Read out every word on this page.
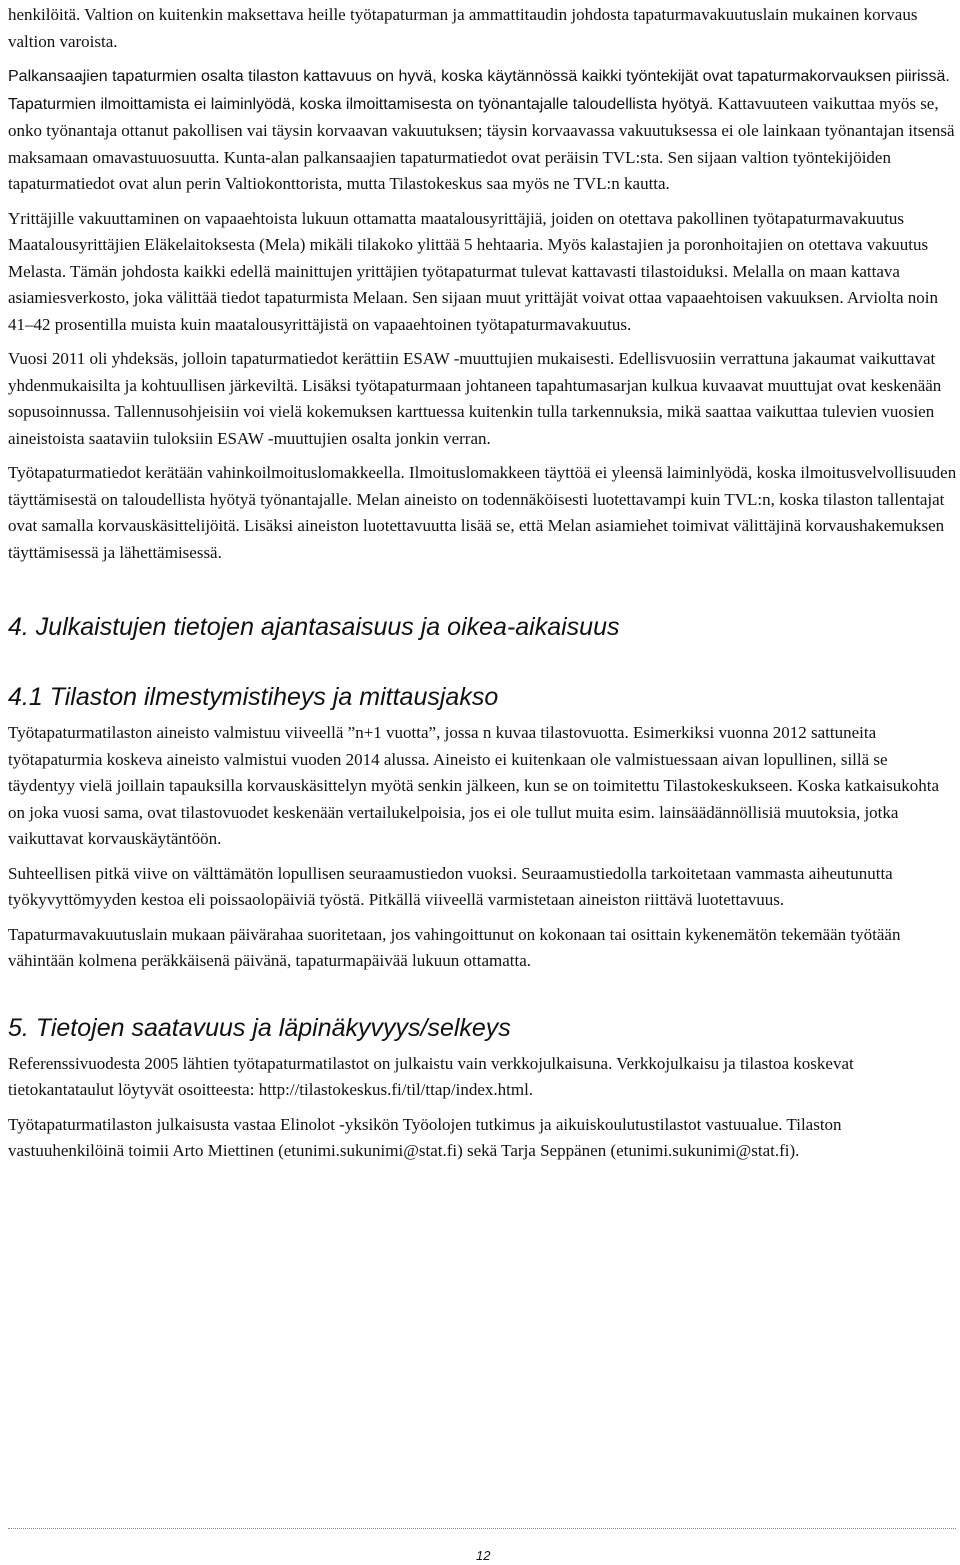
henkilöitä. Valtion on kuitenkin maksettava heille työtapaturman ja ammattitaudin johdosta tapaturmavakuutuslain mukainen korvaus valtion varoista.

Palkansaajien tapaturmien osalta tilaston kattavuus on hyvä, koska käytännössä kaikki työntekijät ovat tapaturmakorvauksen piirissä. Tapaturmien ilmoittamista ei laiminlyödä, koska ilmoittamisesta on työnantajalle taloudellista hyötyä. Kattavuuteen vaikuttaa myös se, onko työnantaja ottanut pakollisen vai täysin korvaavan vakuutuksen; täysin korvaavassa vakuutuksessa ei ole lainkaan työnantajan itsensä maksamaan omavastuuosuutta. Kunta-alan palkansaajien tapaturmatiedot ovat peräisin TVL:sta. Sen sijaan valtion työntekijöiden tapaturmatiedot ovat alun perin Valtiokonttorista, mutta Tilastokeskus saa myös ne TVL:n kautta.

Yrittäjille vakuuttaminen on vapaaehtoista lukuun ottamatta maatalousyrittäjiä, joiden on otettava pakollinen työtapaturmavakuutus Maatalousyrittäjien Eläkelaitoksesta (Mela) mikäli tilakoko ylittää 5 hehtaaria. Myös kalastajien ja poronhoitajien on otettava vakuutus Melasta. Tämän johdosta kaikki edellä mainittujen yrittäjien työtapaturmat tulevat kattavasti tilastoiduksi. Melalla on maan kattava asiamiesverkosto, joka välittää tiedot tapaturmista Melaan. Sen sijaan muut yrittäjät voivat ottaa vapaaehtoisen vakuuksen. Arviolta noin 41–42 prosentilla muista kuin maatalousyrittäjistä on vapaaehtoinen työtapaturmavakuutus.

Vuosi 2011 oli yhdeksäs, jolloin tapaturmatiedot kerättiin ESAW -muuttujien mukaisesti. Edellisvuosiin verrattuna jakaumat vaikuttavat yhdenmukaisilta ja kohtuullisen järkeviltä. Lisäksi työtapaturmaan johtaneen tapahtumasarjan kulkua kuvaavat muuttujat ovat keskenään sopusoinnussa. Tallennusohjeisiin voi vielä kokemuksen karttuessa kuitenkin tulla tarkennuksia, mikä saattaa vaikuttaa tulevien vuosien aineistoista saataviin tuloksiin ESAW -muuttujien osalta jonkin verran.

Työtapaturmatiedot kerätään vahinkoilmoituslomakkeella. Ilmoituslomakkeen täyttöä ei yleensä laiminlyödä, koska ilmoitusvelvollisuuden täyttämisestä on taloudellista hyötyä työnantajalle. Melan aineisto on todennäköisesti luotettavampi kuin TVL:n, koska tilaston tallentajat ovat samalla korvauskäsittelijöitä. Lisäksi aineiston luotettavuutta lisää se, että Melan asiamiehet toimivat välittäjinä korvaushakemuksen täyttämisessä ja lähettämisessä.

4. Julkaistujen tietojen ajantasaisuus ja oikea-aikaisuus
4.1 Tilaston ilmestymistiheys ja mittausjakso

Työtapaturmatilaston aineisto valmistuu viiveellä ”n+1 vuotta”, jossa n kuvaa tilastovuotta. Esimerkiksi vuonna 2012 sattuneita työtapaturmia koskeva aineisto valmistui vuoden 2014 alussa. Aineisto ei kuitenkaan ole valmistuessaan aivan lopullinen, sillä se täydentyy vielä joillain tapauksilla korvauskäsittelyn myötä senkin jälkeen, kun se on toimitettu Tilastokeskukseen. Koska katkaisukohta on joka vuosi sama, ovat tilastovuodet keskenään vertailukelpoisia, jos ei ole tullut muita esim. lainsäädännöllisiä muutoksia, jotka vaikuttavat korvauskäytäntöön.

Suhteellisen pitkä viive on välttämätön lopullisen seuraamustiedon vuoksi. Seuraamustiedolla tarkoitetaan vammasta aiheutunutta työkyvyttömyyden kestoa eli poissaolopäiviä työstä. Pitkällä viiveellä varmistetaan aineiston riittävä luotettavuus.

Tapaturmavakuutuslain mukaan päivärahaa suoritetaan, jos vahingoittunut on kokonaan tai osittain kykenemätön tekemään työtään vähintään kolmena peräkkäisenä päivänä, tapaturmapäivää lukuun ottamatta.

5. Tietojen saatavuus ja läpinäkyvyys/selkeys

Referenssivuodesta 2005 lähtien työtapaturmatilastot on julkaistu vain verkkojulkaisuna. Verkkojulkaisu ja tilastoa koskevat tietokantataulut löytyvät osoitteesta: http://tilastokeskus.fi/til/ttap/index.html.

Työtapaturmatilaston julkaisusta vastaa Elinolot -yksikön Työolojen tutkimus ja aikuiskoulutustilastot vastuualue. Tilaston vastuuhenkilöinä toimii Arto Miettinen (etunimi.sukunimi@stat.fi) sekä Tarja Seppänen (etunimi.sukunimi@stat.fi).

12
